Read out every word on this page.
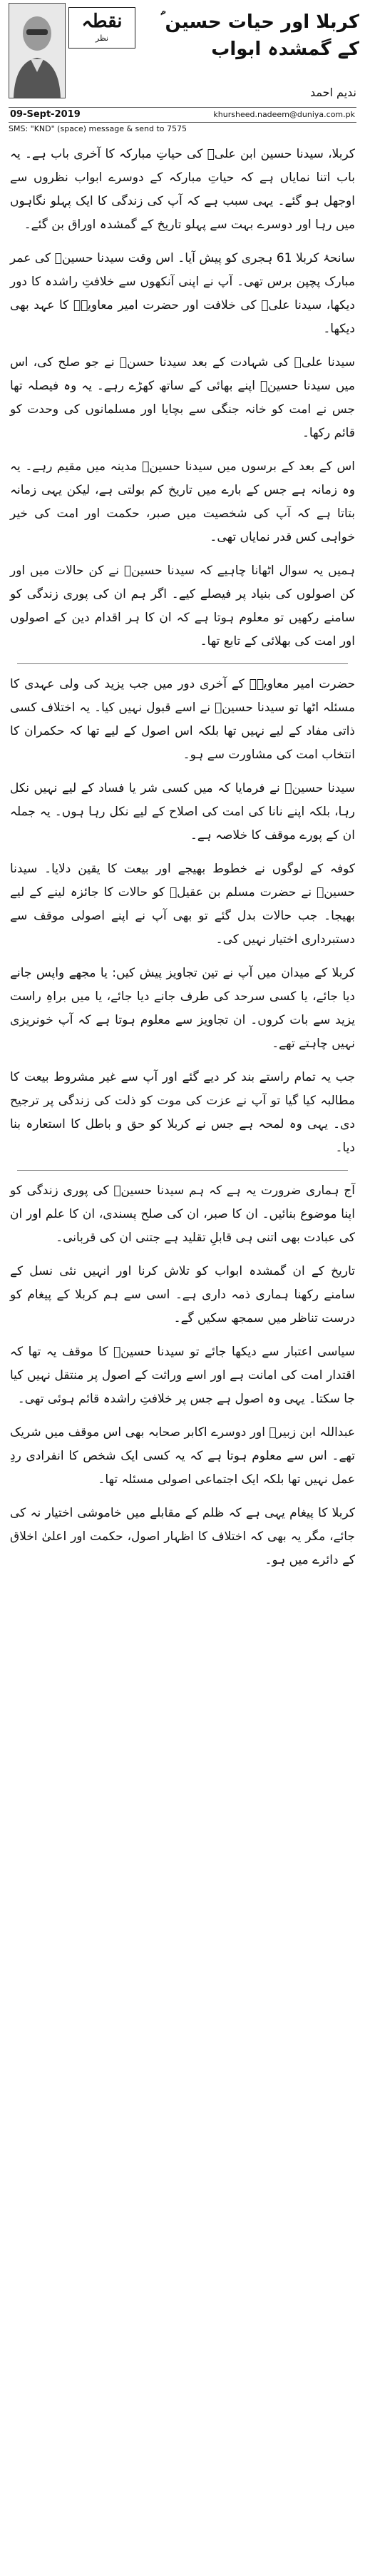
نقطہ
نظر
کربلا اور حیات حسین ؑ کے گمشدہ ابواب
ندیم احمد
09-Sept-2019	khursheed.nadeem@duniya.com.pk
SMS: "KND" (space) message & send to 7575

کربلا، سیدنا حسین ابن علیؓ کی حیاتِ مبارکہ کا آخری باب ہے۔ یہ باب اتنا نمایاں ہے کہ حیاتِ مبارکہ کے دوسرے ابواب نظروں سے اوجھل ہو گئے۔ یہی سبب ہے کہ آپ کی زندگی کا ایک پہلو نگاہوں میں رہا اور دوسرے بہت سے پہلو تاریخ کے گمشدہ اوراق بن گئے۔

سانحۂ کربلا 61 ہجری کو پیش آیا۔ اس وقت سیدنا حسینؓ کی عمر مبارک پچپن برس تھی۔ آپ نے اپنی آنکھوں سے خلافتِ راشدہ کا دور دیکھا، سیدنا علیؓ کی خلافت اور حضرت امیر معاویہؓ کا عہد بھی دیکھا۔

سیدنا علیؓ کی شہادت کے بعد سیدنا حسنؓ نے جو صلح کی، اس میں سیدنا حسینؓ اپنے بھائی کے ساتھ کھڑے رہے۔ یہ وہ فیصلہ تھا جس نے امت کو خانہ جنگی سے بچایا اور مسلمانوں کی وحدت کو قائم رکھا۔

اس کے بعد کے برسوں میں سیدنا حسینؓ مدینہ میں مقیم رہے۔ یہ وہ زمانہ ہے جس کے بارے میں تاریخ کم بولتی ہے، لیکن یہی زمانہ بتاتا ہے کہ آپ کی شخصیت میں صبر، حکمت اور امت کی خیر خواہی کس قدر نمایاں تھی۔

ہمیں یہ سوال اٹھانا چاہیے کہ سیدنا حسینؓ نے کن حالات میں اور کن اصولوں کی بنیاد پر فیصلے کیے۔ اگر ہم ان کی پوری زندگی کو سامنے رکھیں تو معلوم ہوتا ہے کہ ان کا ہر اقدام دین کے اصولوں اور امت کی بھلائی کے تابع تھا۔

حضرت امیر معاویہؓ کے آخری دور میں جب یزید کی ولی عہدی کا مسئلہ اٹھا تو سیدنا حسینؓ نے اسے قبول نہیں کیا۔ یہ اختلاف کسی ذاتی مفاد کے لیے نہیں تھا بلکہ اس اصول کے لیے تھا کہ حکمران کا انتخاب امت کی مشاورت سے ہو۔

سیدنا حسینؓ نے فرمایا کہ میں کسی شر یا فساد کے لیے نہیں نکل رہا، بلکہ اپنے نانا کی امت کی اصلاح کے لیے نکل رہا ہوں۔ یہ جملہ ان کے پورے موقف کا خلاصہ ہے۔

کوفہ کے لوگوں نے خطوط بھیجے اور بیعت کا یقین دلایا۔ سیدنا حسینؓ نے حضرت مسلم بن عقیلؓ کو حالات کا جائزہ لینے کے لیے بھیجا۔ جب حالات بدل گئے تو بھی آپ نے اپنے اصولی موقف سے دستبرداری اختیار نہیں کی۔

کربلا کے میدان میں آپ نے تین تجاویز پیش کیں: یا مجھے واپس جانے دیا جائے، یا کسی سرحد کی طرف جانے دیا جائے، یا میں براہِ راست یزید سے بات کروں۔ ان تجاویز سے معلوم ہوتا ہے کہ آپ خونریزی نہیں چاہتے تھے۔

جب یہ تمام راستے بند کر دیے گئے اور آپ سے غیر مشروط بیعت کا مطالبہ کیا گیا تو آپ نے عزت کی موت کو ذلت کی زندگی پر ترجیح دی۔ یہی وہ لمحہ ہے جس نے کربلا کو حق و باطل کا استعارہ بنا دیا۔

آج ہماری ضرورت یہ ہے کہ ہم سیدنا حسینؓ کی پوری زندگی کو اپنا موضوع بنائیں۔ ان کا صبر، ان کی صلح پسندی، ان کا علم اور ان کی عبادت بھی اتنی ہی قابلِ تقلید ہے جتنی ان کی قربانی۔

تاریخ کے ان گمشدہ ابواب کو تلاش کرنا اور انہیں نئی نسل کے سامنے رکھنا ہماری ذمہ داری ہے۔ اسی سے ہم کربلا کے پیغام کو درست تناظر میں سمجھ سکیں گے۔

سیاسی اعتبار سے دیکھا جائے تو سیدنا حسینؓ کا موقف یہ تھا کہ اقتدار امت کی امانت ہے اور اسے وراثت کے اصول پر منتقل نہیں کیا جا سکتا۔ یہی وہ اصول ہے جس پر خلافتِ راشدہ قائم ہوئی تھی۔

عبداللہ ابن زبیرؓ اور دوسرے اکابر صحابہ بھی اس موقف میں شریک تھے۔ اس سے معلوم ہوتا ہے کہ یہ کسی ایک شخص کا انفرادی ردِ عمل نہیں تھا بلکہ ایک اجتماعی اصولی مسئلہ تھا۔

کربلا کا پیغام یہی ہے کہ ظلم کے مقابلے میں خاموشی اختیار نہ کی جائے، مگر یہ بھی کہ اختلاف کا اظہار اصول، حکمت اور اعلیٰ اخلاق کے دائرے میں ہو۔
